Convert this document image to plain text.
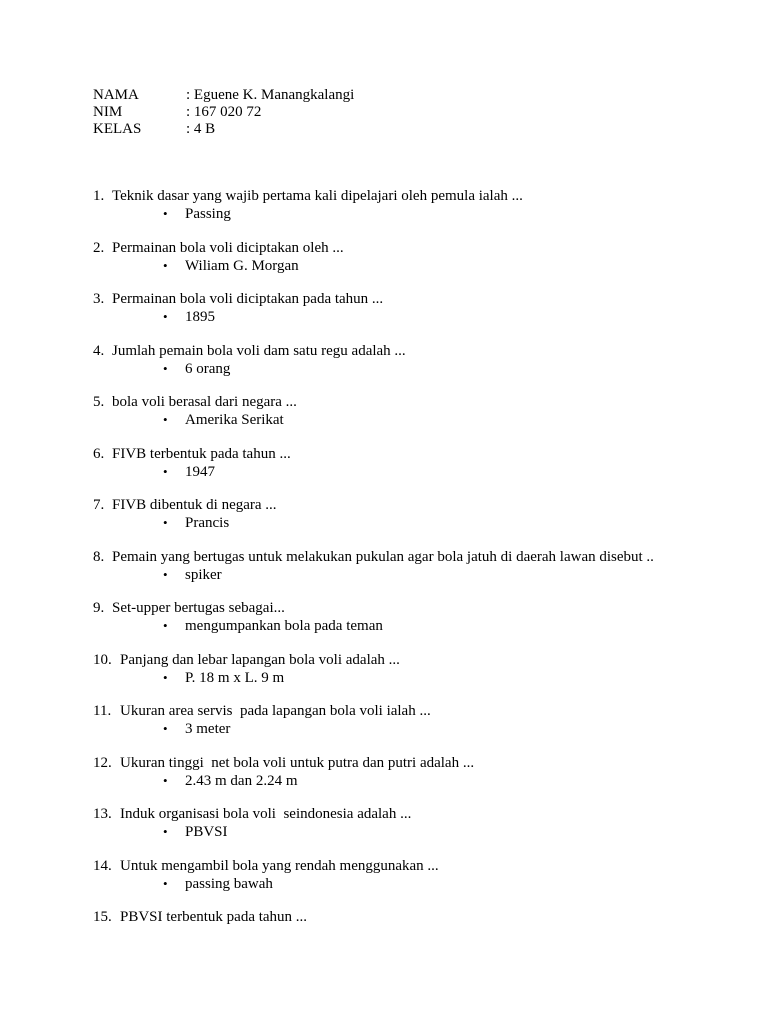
NAMA	: Eguene K. Manangkalangi
NIM	: 167 020 72
KELAS	: 4 B
1. Teknik dasar yang wajib pertama kali dipelajari oleh pemula ialah ...
•	Passing
2. Permainan bola voli diciptakan oleh ...
•	Wiliam G. Morgan
3. Permainan bola voli diciptakan pada tahun ...
•	1895
4. Jumlah pemain bola voli dam satu regu adalah ...
•	6 orang
5. bola voli berasal dari negara ...
•	Amerika Serikat
6. FIVB terbentuk pada tahun ...
•	1947
7. FIVB dibentuk di negara ...
•	Prancis
8. Pemain yang bertugas untuk melakukan pukulan agar bola jatuh di daerah lawan disebut ..
•	spiker
9. Set-upper bertugas sebagai...
•	mengumpankan bola pada teman
10. Panjang dan lebar lapangan bola voli adalah ...
•	P. 18 m x L. 9 m
11. Ukuran area servis  pada lapangan bola voli ialah ...
•	3 meter
12. Ukuran tinggi  net bola voli untuk putra dan putri adalah ...
•	2.43 m dan 2.24 m
13. Induk organisasi bola voli  seindonesia adalah ...
•	PBVSI
14. Untuk mengambil bola yang rendah menggunakan ...
•	passing bawah
15. PBVSI terbentuk pada tahun ...
